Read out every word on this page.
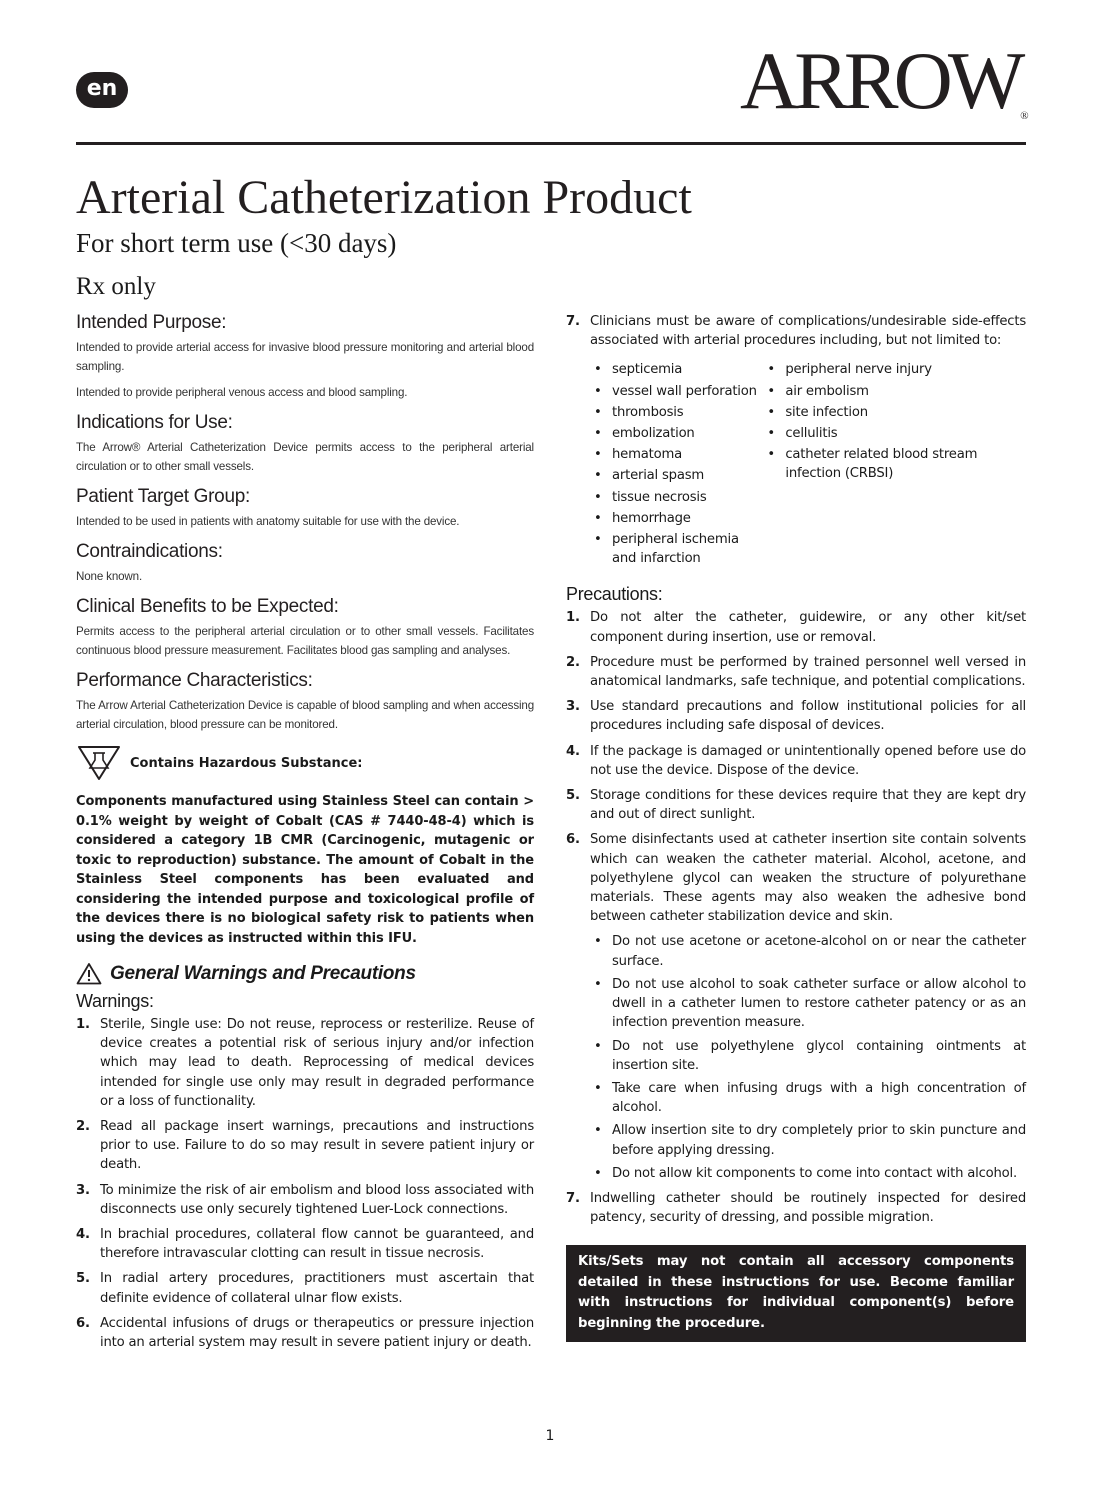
en	ARROW®
Arterial Catheterization Product
For short term use (<30 days)
Rx only
Intended Purpose:

Intended to provide arterial access for invasive blood pressure monitoring and arterial blood sampling.

Intended to provide peripheral venous access and blood sampling.

Indications for Use:

The Arrow® Arterial Catheterization Device permits access to the peripheral arterial circulation or to other small vessels.

Patient Target Group:

Intended to be used in patients with anatomy suitable for use with the device.

Contraindications:

None known.

Clinical Benefits to be Expected:

Permits access to the peripheral arterial circulation or to other small vessels. Facilitates continuous blood pressure measurement. Facilitates blood gas sampling and analyses.

Performance Characteristics:

The Arrow Arterial Catheterization Device is capable of blood sampling and when accessing arterial circulation, blood pressure can be monitored.

Contains Hazardous Substance:

Components manufactured using Stainless Steel can contain > 0.1% weight by weight of Cobalt (CAS # 7440-48-4) which is considered a category 1B CMR (Carcinogenic, mutagenic or toxic to reproduction) substance. The amount of Cobalt in the Stainless Steel components has been evaluated and considering the intended purpose and toxicological profile of the devices there is no biological safety risk to patients when using the devices as instructed within this IFU.

General Warnings and Precautions
Warnings:
1. Sterile, Single use: Do not reuse, reprocess or resterilize. Reuse of device creates a potential risk of serious injury and/or infection which may lead to death. Reprocessing of medical devices intended for single use only may result in degraded performance or a loss of functionality.
2. Read all package insert warnings, precautions and instructions prior to use. Failure to do so may result in severe patient injury or death.
3. To minimize the risk of air embolism and blood loss associated with disconnects use only securely tightened Luer-Lock connections.
4. In brachial procedures, collateral flow cannot be guaranteed, and therefore intravascular clotting can result in tissue necrosis.
5. In radial artery procedures, practitioners must ascertain that definite evidence of collateral ulnar flow exists.
6. Accidental infusions of drugs or therapeutics or pressure injection into an arterial system may result in severe patient injury or death.
7. Clinicians must be aware of complications/undesirable side-effects associated with arterial procedures including, but not limited to:
• septicemia
• vessel wall perforation
• thrombosis
• embolization
• hematoma
• arterial spasm
• tissue necrosis
• hemorrhage
• peripheral ischemia and infarction
• peripheral nerve injury
• air embolism
• site infection
• cellulitis
• catheter related blood stream infection (CRBSI)
Precautions:
1. Do not alter the catheter, guidewire, or any other kit/set component during insertion, use or removal.
2. Procedure must be performed by trained personnel well versed in anatomical landmarks, safe technique, and potential complications.
3. Use standard precautions and follow institutional policies for all procedures including safe disposal of devices.
4. If the package is damaged or unintentionally opened before use do not use the device. Dispose of the device.
5. Storage conditions for these devices require that they are kept dry and out of direct sunlight.
6. Some disinfectants used at catheter insertion site contain solvents which can weaken the catheter material. Alcohol, acetone, and polyethylene glycol can weaken the structure of polyurethane materials. These agents may also weaken the adhesive bond between catheter stabilization device and skin.
• Do not use acetone or acetone-alcohol on or near the catheter surface.
• Do not use alcohol to soak catheter surface or allow alcohol to dwell in a catheter lumen to restore catheter patency or as an infection prevention measure.
• Do not use polyethylene glycol containing ointments at insertion site.
• Take care when infusing drugs with a high concentration of alcohol.
• Allow insertion site to dry completely prior to skin puncture and before applying dressing.
• Do not allow kit components to come into contact with alcohol.
7. Indwelling catheter should be routinely inspected for desired patency, security of dressing, and possible migration.
Kits/Sets may not contain all accessory components detailed in these instructions for use. Become familiar with instructions for individual component(s) before beginning the procedure.
1
